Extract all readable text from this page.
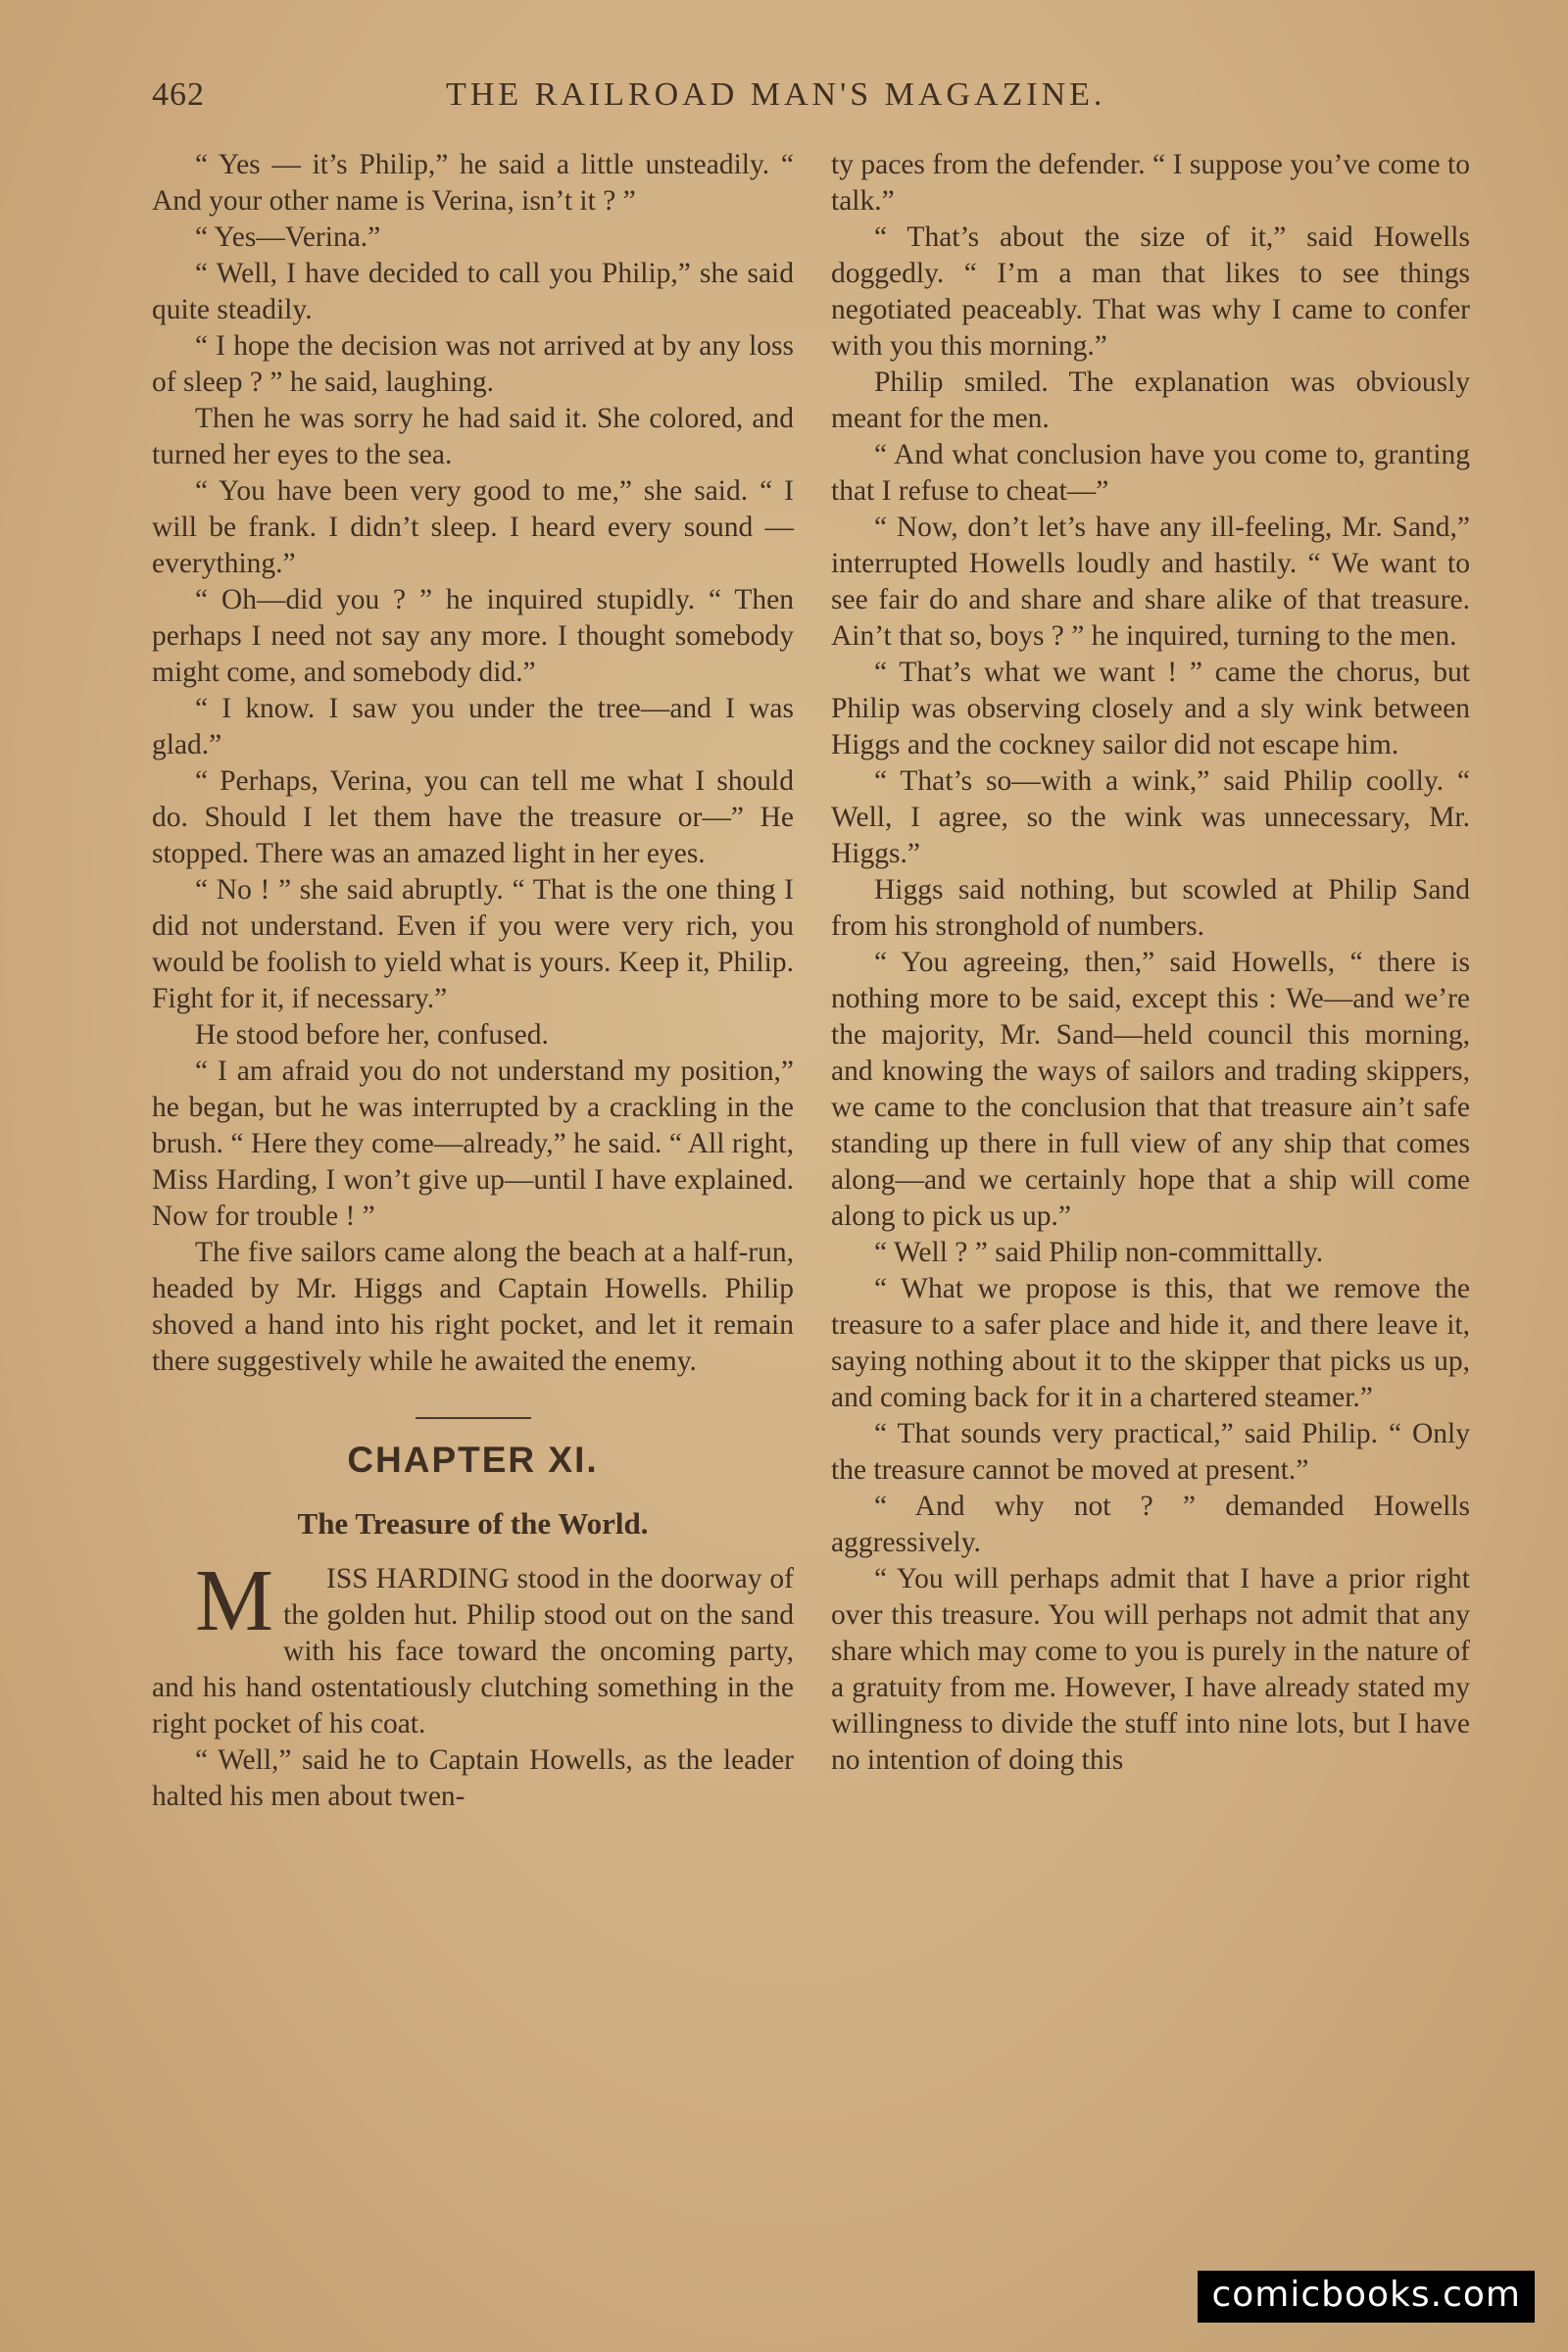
462	THE RAILROAD MAN'S MAGAZINE.

“ Yes — it’s Philip,” he said a little unsteadily. “ And your other name is Verina, isn’t it ? ”

“ Yes—Verina.”

“ Well, I have decided to call you Philip,” she said quite steadily.

“ I hope the decision was not arrived at by any loss of sleep ? ” he said, laughing.

Then he was sorry he had said it. She colored, and turned her eyes to the sea.

“ You have been very good to me,” she said. “ I will be frank. I didn’t sleep. I heard every sound — everything.”

“ Oh—did you ? ” he inquired stupidly. “ Then perhaps I need not say any more. I thought somebody might come, and somebody did.”

“ I know. I saw you under the tree—and I was glad.”

“ Perhaps, Verina, you can tell me what I should do. Should I let them have the treasure or—” He stopped. There was an amazed light in her eyes.

“ No ! ” she said abruptly. “ That is the one thing I did not understand. Even if you were very rich, you would be foolish to yield what is yours. Keep it, Philip. Fight for it, if necessary.”

He stood before her, confused.

“ I am afraid you do not understand my position,” he began, but he was interrupted by a crackling in the brush. “ Here they come—already,” he said. “ All right, Miss Harding, I won’t give up—until I have explained. Now for trouble ! ”

The five sailors came along the beach at a half-run, headed by Mr. Higgs and Captain Howells. Philip shoved a hand into his right pocket, and let it remain there suggestively while he awaited the enemy.

CHAPTER XI.
The Treasure of the World.

M ISS HARDING stood in the doorway of the golden hut. Philip stood out on the sand with his face toward the oncoming party, and his hand ostentatiously clutching something in the right pocket of his coat.

“ Well,” said he to Captain Howells, as the leader halted his men about twen-

ty paces from the defender. “ I suppose you’ve come to talk.”

“ That’s about the size of it,” said Howells doggedly. “ I’m a man that likes to see things negotiated peaceably. That was why I came to confer with you this morning.”

Philip smiled. The explanation was obviously meant for the men.

“ And what conclusion have you come to, granting that I refuse to cheat—”

“ Now, don’t let’s have any ill-feeling, Mr. Sand,” interrupted Howells loudly and hastily. “ We want to see fair do and share and share alike of that treasure. Ain’t that so, boys ? ” he inquired, turning to the men.

“ That’s what we want ! ” came the chorus, but Philip was observing closely and a sly wink between Higgs and the cockney sailor did not escape him.

“ That’s so—with a wink,” said Philip coolly. “ Well, I agree, so the wink was unnecessary, Mr. Higgs.”

Higgs said nothing, but scowled at Philip Sand from his stronghold of numbers.

“ You agreeing, then,” said Howells, “ there is nothing more to be said, except this : We—and we’re the majority, Mr. Sand—held council this morning, and knowing the ways of sailors and trading skippers, we came to the conclusion that that treasure ain’t safe standing up there in full view of any ship that comes along—and we certainly hope that a ship will come along to pick us up.”

“ Well ? ” said Philip non-committally.

“ What we propose is this, that we remove the treasure to a safer place and hide it, and there leave it, saying nothing about it to the skipper that picks us up, and coming back for it in a chartered steamer.”

“ That sounds very practical,” said Philip. “ Only the treasure cannot be moved at present.”

“ And why not ? ” demanded Howells aggressively.

“ You will perhaps admit that I have a prior right over this treasure. You will perhaps not admit that any share which may come to you is purely in the nature of a gratuity from me. However, I have already stated my willingness to divide the stuff into nine lots, but I have no intention of doing this

comicbooks.com
